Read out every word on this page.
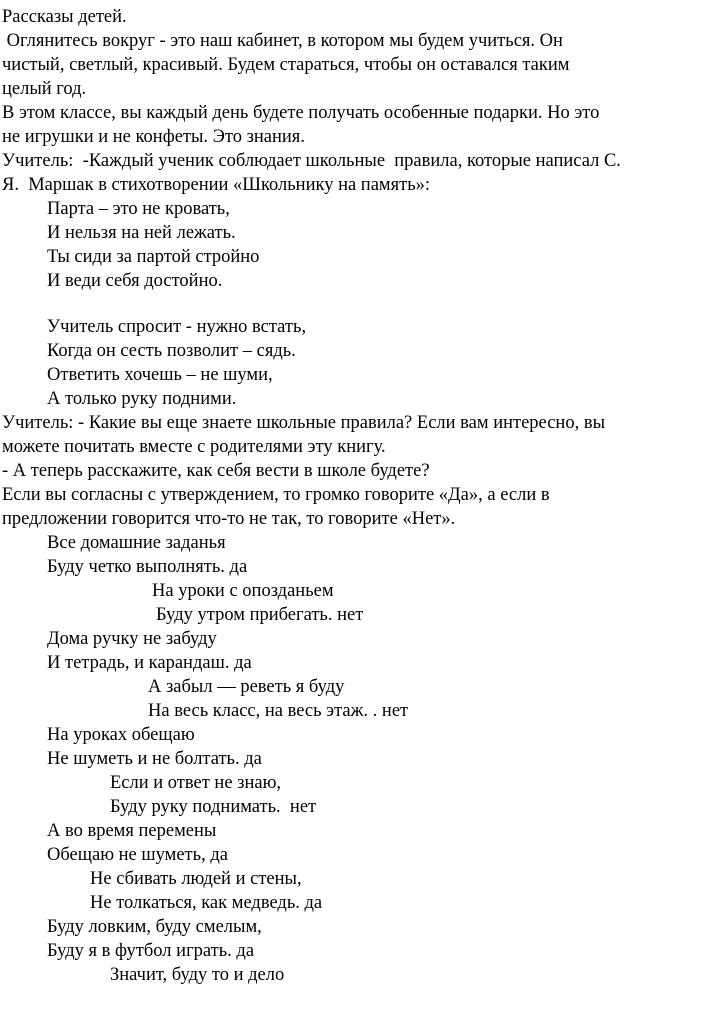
Рассказы детей.
Оглянитесь вокруг - это наш кабинет, в котором мы будем учиться. Он
чистый, светлый, красивый. Будем стараться, чтобы он оставался таким
целый год.
В этом классе, вы каждый день будете получать особенные подарки. Но это
не игрушки и не конфеты. Это знания.
Учитель:  -Каждый ученик соблюдает школьные  правила, которые написал С.
Я.  Маршак в стихотворении «Школьнику на память»:
Парта – это не кровать,
И нельзя на ней лежать.
Ты сиди за партой стройно
И веди себя достойно.
Учитель спросит - нужно встать,
Когда он сесть позволит – сядь.
Ответить хочешь – не шуми,
А только руку подними.
Учитель: - Какие вы еще знаете школьные правила? Если вам интересно, вы
можете почитать вместе с родителями эту книгу.
- А теперь расскажите, как себя вести в школе будете?
Если вы согласны с утверждением, то громко говорите «Да», а если в
предложении говорится что-то не так, то говорите «Нет».
Все домашние заданья
Буду четко выполнять. да
На уроки с опозданьем
Буду утром прибегать. нет
Дома ручку не забуду
И тетрадь, и карандаш. да
А забыл — реветь я буду
На весь класс, на весь этаж. . нет
На уроках обещаю
Не шуметь и не болтать. да
Если и ответ не знаю,
Буду руку поднимать.  нет
А во время перемены
Обещаю не шуметь, да
Не сбивать людей и стены,
Не толкаться, как медведь. да
Буду ловким, буду смелым,
Буду я в футбол играть. да
Значит, буду то и дело
